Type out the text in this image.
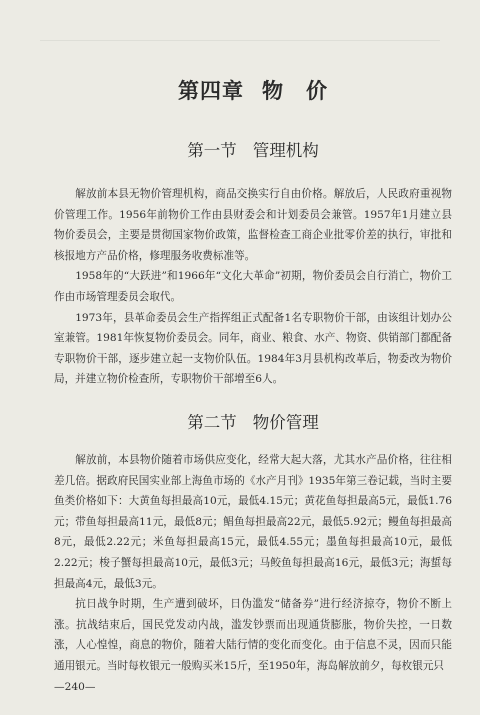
第四章 物　价
第一节 管理机构

解放前本县无物价管理机构，商品交换实行自由价格。解放后，人民政府重视物价管理工作。1956年前物价工作由县财委会和计划委员会兼管。1957年1月建立县物价委员会，主要是贯彻国家物价政策，监督检查工商企业批零价差的执行，审批和核报地方产品价格，修理服务收费标准等。

1958年的“大跃进”和1966年“文化大革命”初期，物价委员会自行消亡，物价工作由市场管理委员会取代。

1973年，县革命委员会生产指挥组正式配备1名专职物价干部，由该组计划办公室兼管。1981年恢复物价委员会。同年，商业、粮食、水产、物资、供销部门都配备专职物价干部，逐步建立起一支物价队伍。1984年3月县机构改革后，物委改为物价局，并建立物价检查所，专职物价干部增至6人。

第二节 物价管理

解放前，本县物价随着市场供应变化，经常大起大落，尤其水产品价格，往往相差几倍。据政府民国实业部上海鱼市场的《水产月刊》1935年第三卷记载，当时主要鱼类价格如下：大黄鱼每担最高10元，最低4.15元；黄花鱼每担最高5元，最低1.76元；带鱼每担最高11元，最低8元；鲳鱼每担最高22元，最低5.92元；鳗鱼每担最高8元，最低2.22元；米鱼每担最高15元，最低4.55元；墨鱼每担最高10元，最低2.22元；梭子蟹每担最高10元，最低3元；马鲛鱼每担最高16元，最低3元；海蜇每担最高4元，最低3元。

抗日战争时期，生产遭到破坏，日伪滥发“储备券”进行经济掠夺，物价不断上涨。抗战结束后，国民党发动内战，滥发钞票而出现通货膨胀，物价失控，一日数涨，人心惶惶，商息的物价，随着大陆行情的变化而变化。由于信息不灵，因而只能通用银元。当时每枚银元一般购买米15斤，至1950年，海岛解放前夕，每枚银元只

—240—
